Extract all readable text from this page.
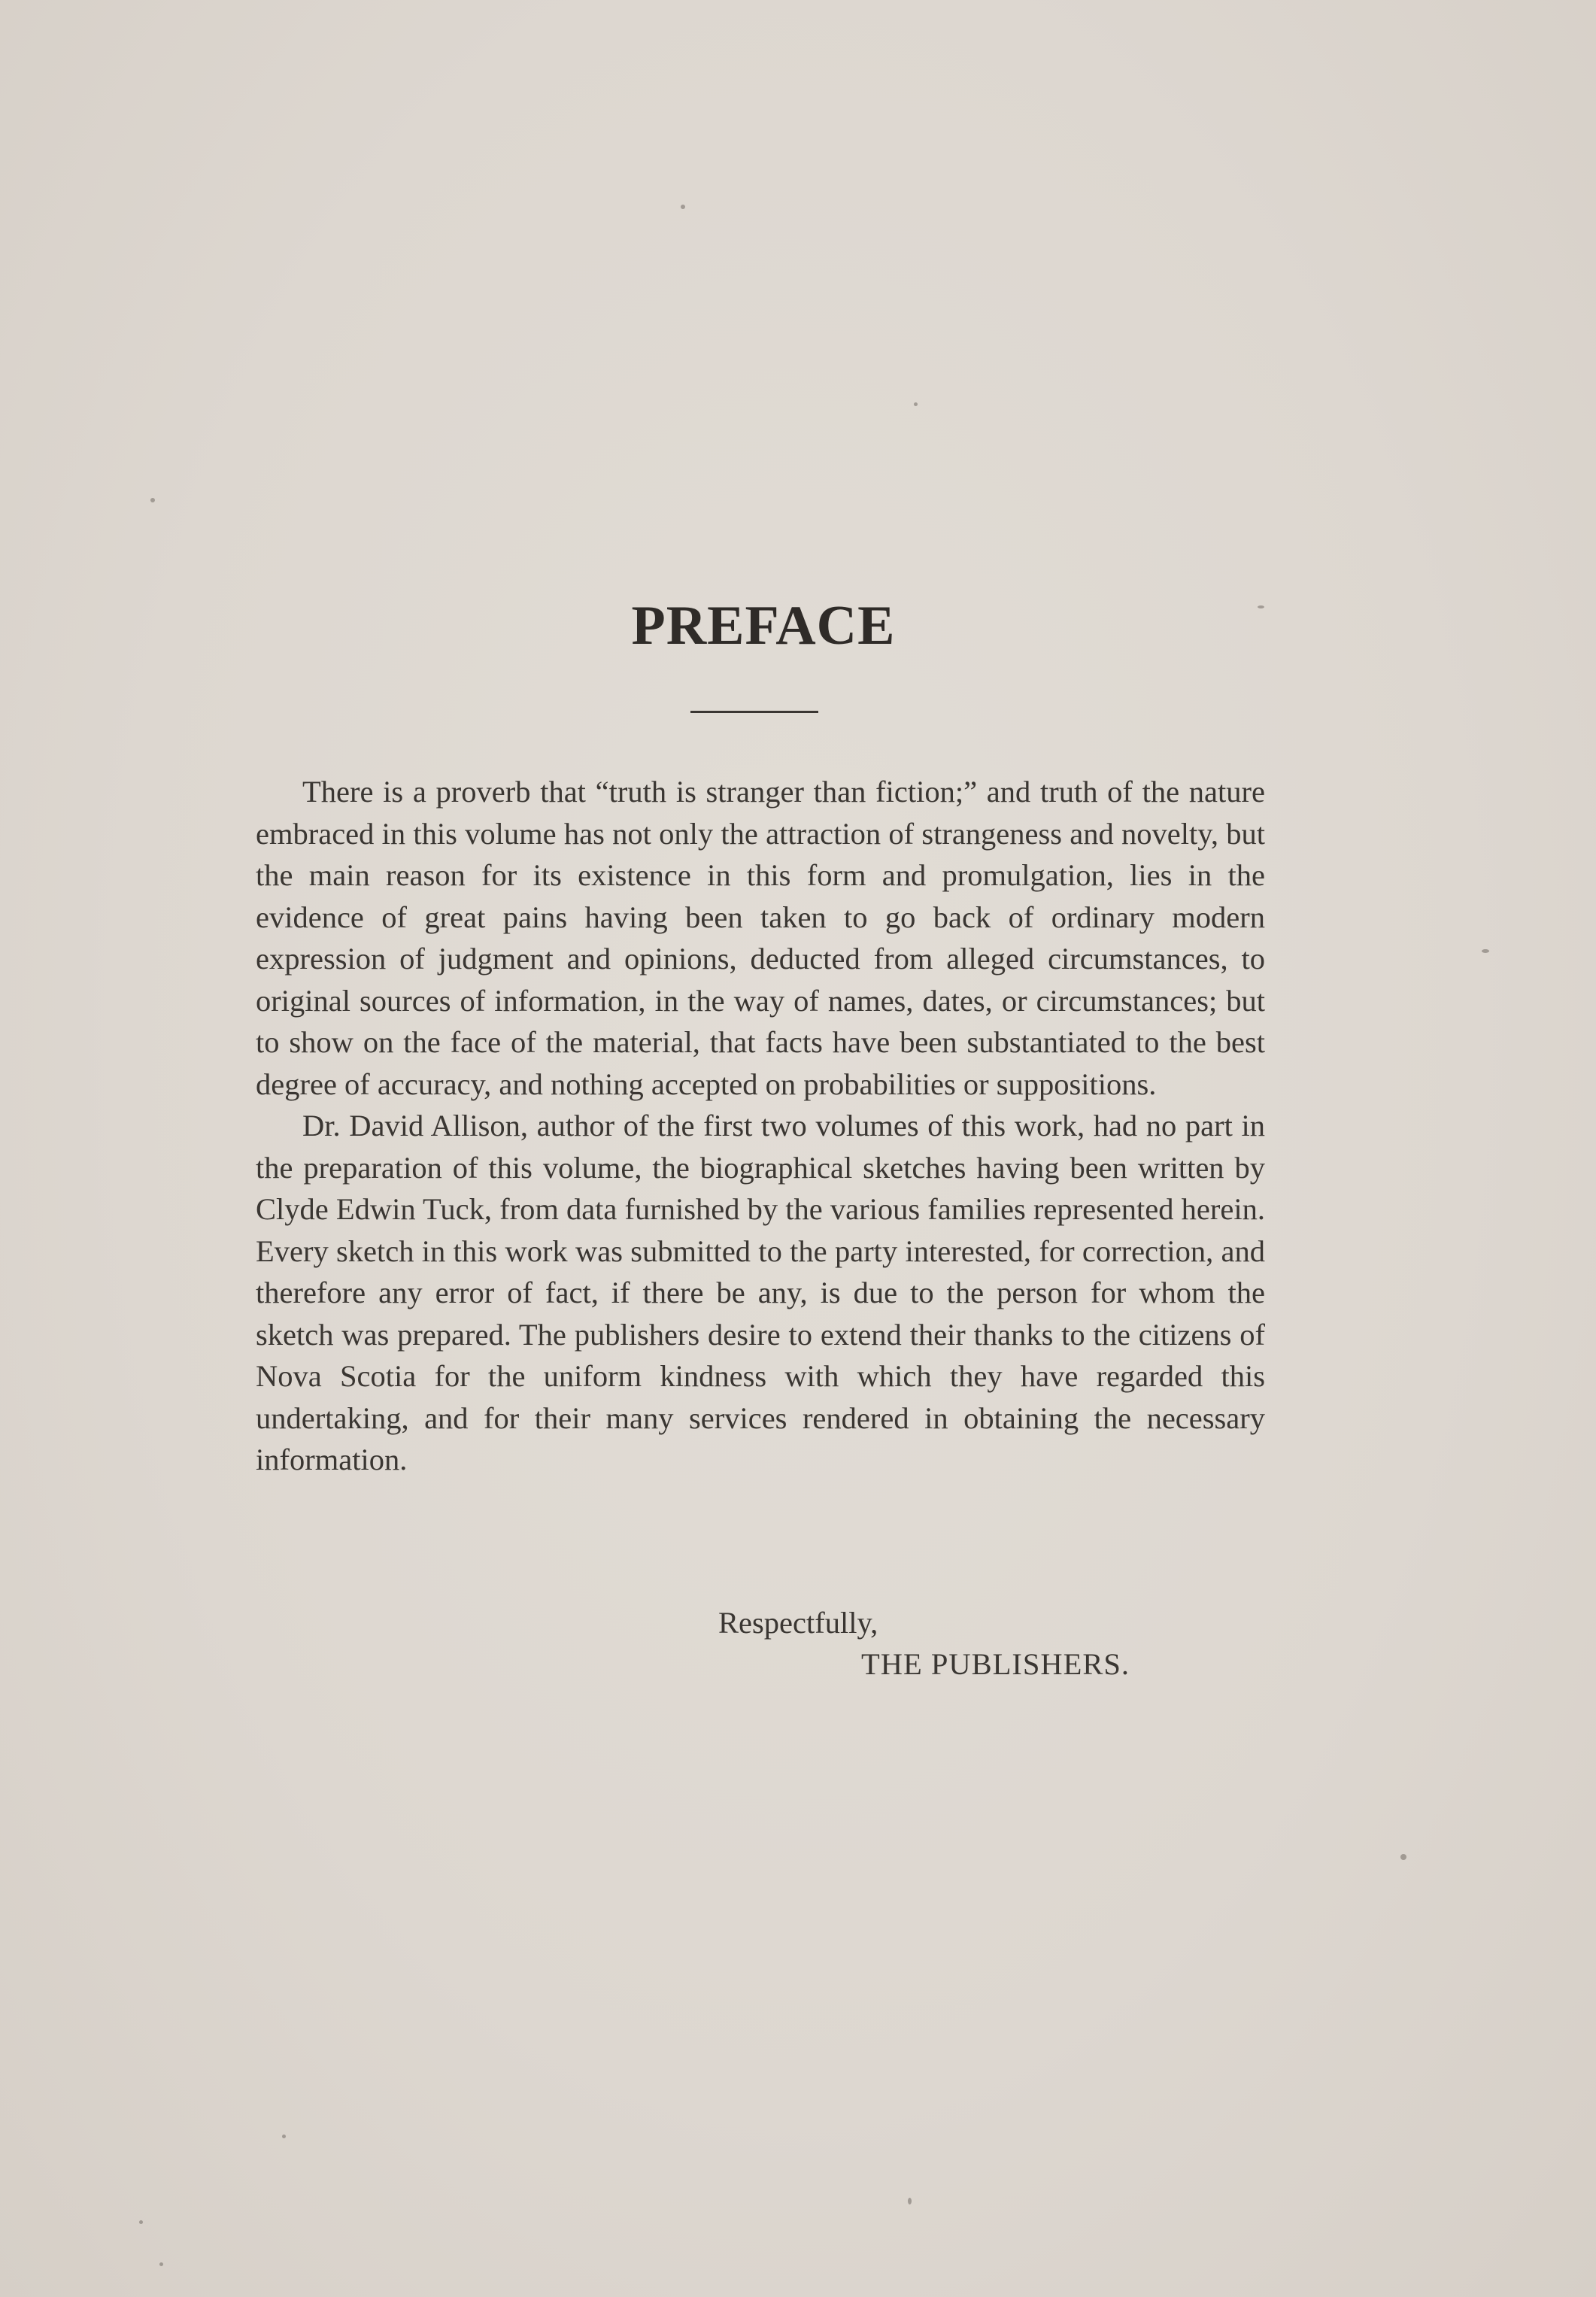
PREFACE

There is a proverb that “truth is stranger than fiction;” and truth of the nature embraced in this volume has not only the attraction of strangeness and novelty, but the main reason for its existence in this form and promulgation, lies in the evidence of great pains having been taken to go back of ordinary modern expression of judgment and opinions, deducted from alleged circumstances, to original sources of information, in the way of names, dates, or circumstances; but to show on the face of the material, that facts have been substantiated to the best degree of accuracy, and nothing accepted on probabilities or suppositions.

Dr. David Allison, author of the first two volumes of this work, had no part in the preparation of this volume, the biographical sketches having been written by Clyde Edwin Tuck, from data furnished by the various families represented herein. Every sketch in this work was submitted to the party interested, for correction, and therefore any error of fact, if there be any, is due to the person for whom the sketch was prepared. The publishers desire to extend their thanks to the citizens of Nova Scotia for the uniform kindness with which they have regarded this undertaking, and for their many services rendered in obtaining the necessary information.

Respectfully,
THE PUBLISHERS.
